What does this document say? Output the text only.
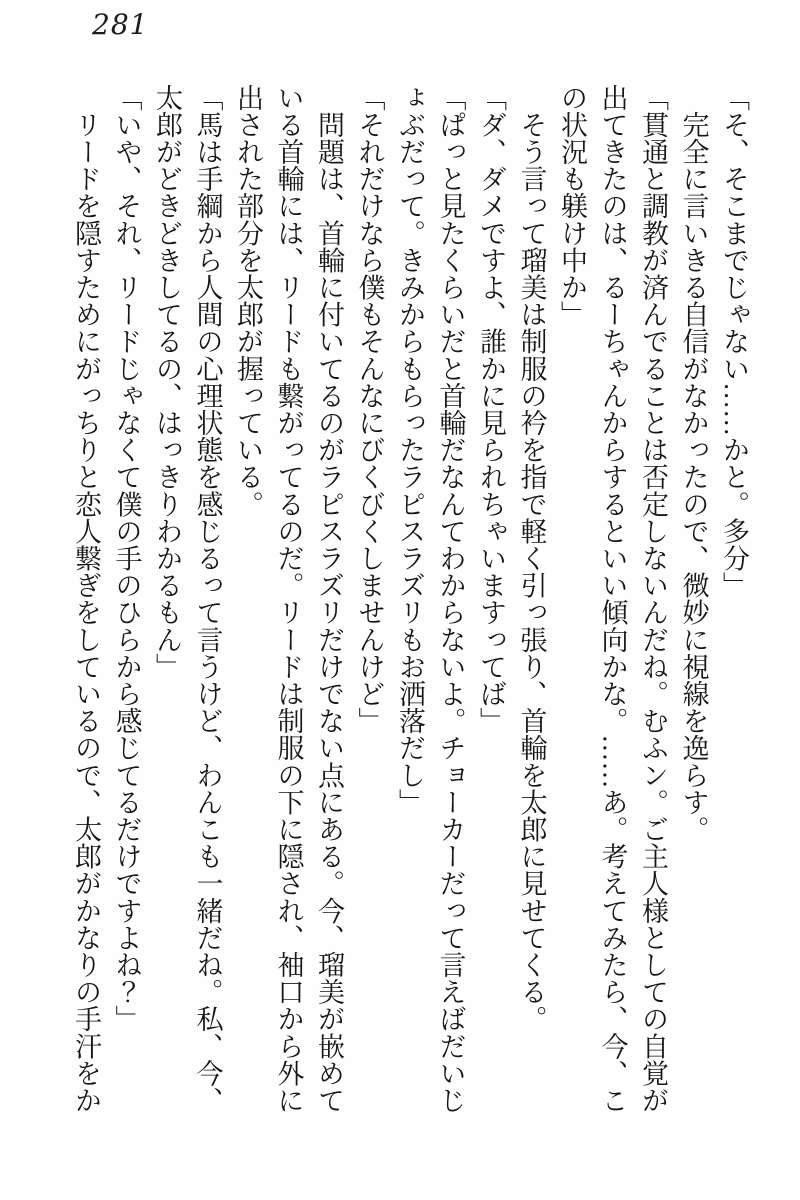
281

「そ、そこまでじゃない……かと。多分」

　完全に言いきる自信がなかったので、微妙に視線を逸らす。

「貫通と調教が済んでることは否定しないんだね。むふン。ご主人様としての自覚が

出てきたのは、るーちゃんからするといい傾向かな。……あ。考えてみたら、今、こ

の状況も躾け中か」

　そう言って瑠美は制服の衿を指で軽く引っ張り、首輪を太郎に見せてくる。

「ダ、ダメですよ、誰かに見られちゃいますってば」

「ぱっと見たくらいだと首輪だなんてわからないよ。チョーカーだって言えばだいじ

ょぶだって。きみからもらったラピスラズリもお洒落だし」

「それだけなら僕もそんなにびくびくしませんけど」

　問題は、首輪に付いてるのがラピスラズリだけでない点にある。今、瑠美が嵌めて

いる首輪には、リードも繋がってるのだ。リードは制服の下に隠され、袖口から外に

出された部分を太郎が握っている。

「馬は手綱から人間の心理状態を感じるって言うけど、わんこも一緒だね。私、今、

太郎がどきどきしてるの、はっきりわかるもん」

「いや、それ、リードじゃなくて僕の手のひらから感じてるだけですよね？」

　リードを隠すためにがっちりと恋人繋ぎをしているので、太郎がかなりの手汗をか
